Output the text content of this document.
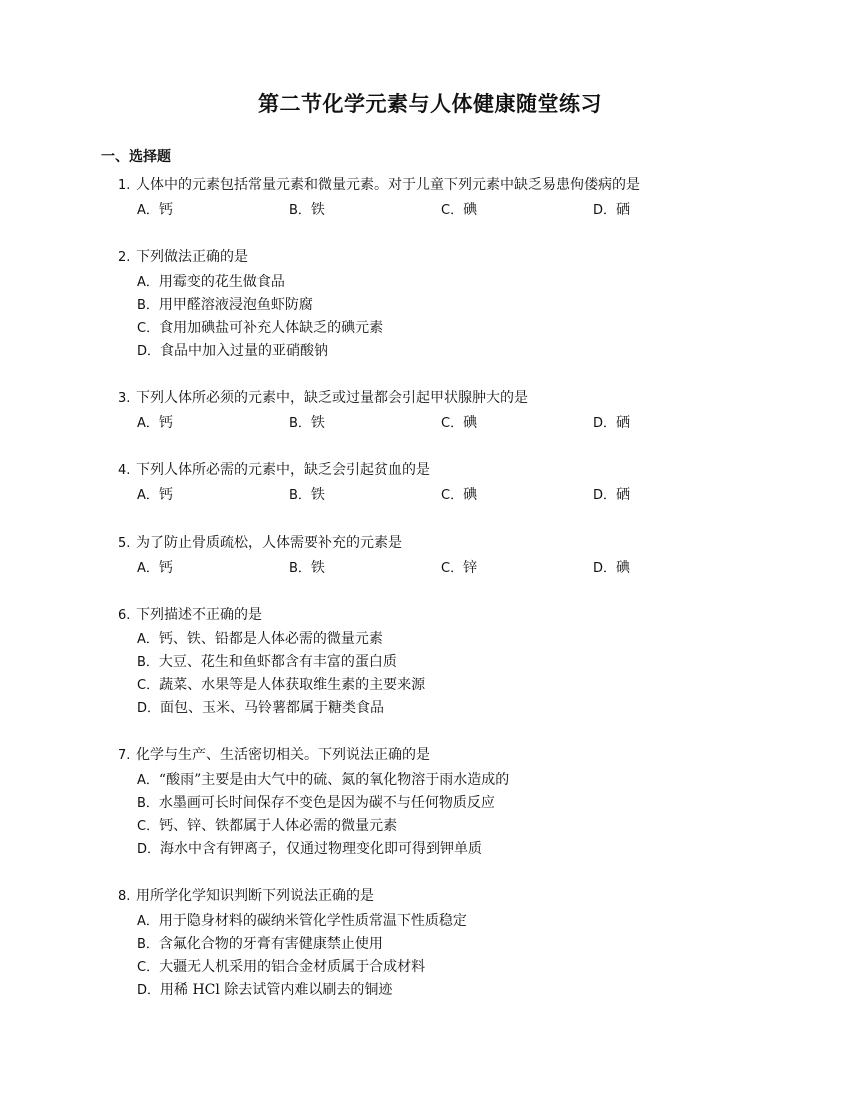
第二节化学元素与人体健康随堂练习
一、选择题
1. 人体中的元素包括常量元素和微量元素。对于儿童下列元素中缺乏易患佝偻病的是
A．钙	B．铁	C．碘	D．硒
2. 下列做法正确的是
A．用霉变的花生做食品
B．用甲醛溶液浸泡鱼虾防腐
C．食用加碘盐可补充人体缺乏的碘元素
D．食品中加入过量的亚硝酸钠
3. 下列人体所必须的元素中，缺乏或过量都会引起甲状腺肿大的是
A．钙	B．铁	C．碘	D．硒
4. 下列人体所必需的元素中，缺乏会引起贫血的是
A．钙	B．铁	C．碘	D．硒
5. 为了防止骨质疏松，人体需要补充的元素是
A．钙	B．铁	C．锌	D．碘
6. 下列描述不正确的是
A．钙、铁、铅都是人体必需的微量元素
B．大豆、花生和鱼虾都含有丰富的蛋白质
C．蔬菜、水果等是人体获取维生素的主要来源
D．面包、玉米、马铃薯都属于糖类食品
7. 化学与生产、生活密切相关。下列说法正确的是
A．“酸雨”主要是由大气中的硫、氮的氧化物溶于雨水造成的
B．水墨画可长时间保存不变色是因为碳不与任何物质反应
C．钙、锌、铁都属于人体必需的微量元素
D．海水中含有钾离子，仅通过物理变化即可得到钾单质
8. 用所学化学知识判断下列说法正确的是
A．用于隐身材料的碳纳米管化学性质常温下性质稳定
B．含氟化合物的牙膏有害健康禁止使用
C．大疆无人机采用的铝合金材质属于合成材料
D．用稀 HCl 除去试管内难以刷去的铜迹
